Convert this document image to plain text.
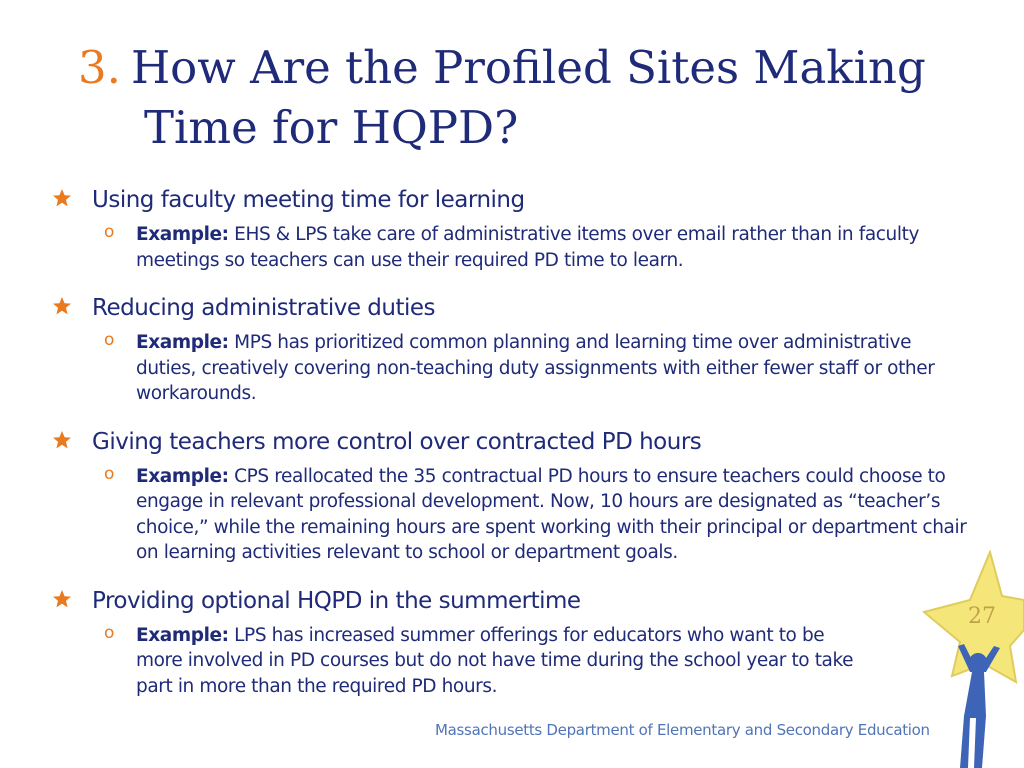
3. How Are the Profiled Sites Making
Time for HQPD?
Using faculty meeting time for learning
o Example: EHS & LPS take care of administrative items over email rather than in faculty meetings so teachers can use their required PD time to learn.
Reducing administrative duties
o Example: MPS has prioritized common planning and learning time over administrative duties, creatively covering non-teaching duty assignments with either fewer staff or other workarounds.
Giving teachers more control over contracted PD hours
o Example: CPS reallocated the 35 contractual PD hours to ensure teachers could choose to engage in relevant professional development. Now, 10 hours are designated as “teacher’s choice,” while the remaining hours are spent working with their principal or department chair on learning activities relevant to school or department goals.
Providing optional HQPD in the summertime
o Example: LPS has increased summer offerings for educators who want to be more involved in PD courses but do not have time during the school year to take part in more than the required PD hours.
27
Massachusetts Department of Elementary and Secondary Education
